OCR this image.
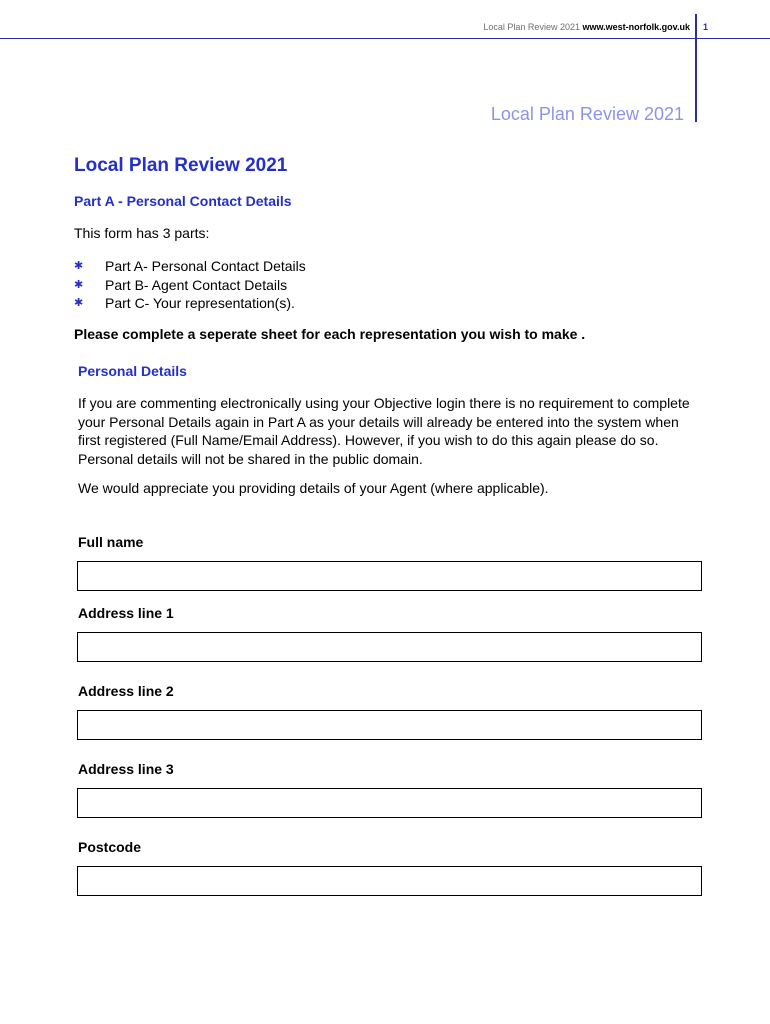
Local Plan Review 2021 www.west-norfolk.gov.uk 1
Local Plan Review 2021
Local Plan Review 2021
Part A - Personal Contact Details
This form has 3 parts:
✱ Part A- Personal Contact Details
✱ Part B- Agent Contact Details
✱ Part C- Your representation(s).
Please complete a seperate sheet for each representation you wish to make .
Personal Details
If you are commenting electronically using your Objective login there is no requirement to complete your Personal Details again in Part A as your details will already be entered into the system when first registered (Full Name/Email Address). However, if you wish to do this again please do so. Personal details will not be shared in the public domain.
We would appreciate you providing details of your Agent (where applicable).
Full name
Address line 1
Address line 2
Address line 3
Postcode
